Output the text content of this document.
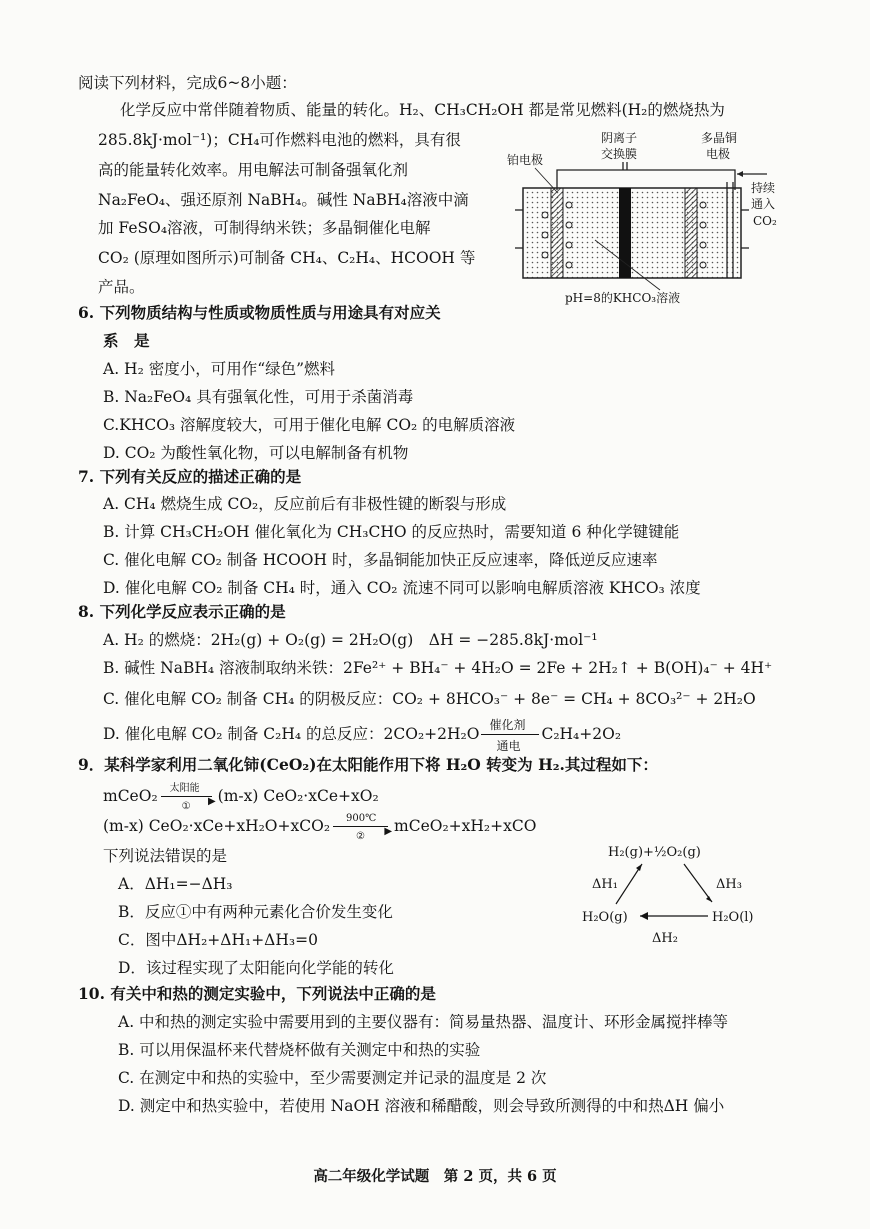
阅读下列材料，完成6~8小题：
化学反应中常伴随着物质、能量的转化。H₂、CH₃CH₂OH 都是常见燃料(H₂的燃烧热为
285.8kJ·mol⁻¹)；CH₄可作燃料电池的燃料，具有很
高的能量转化效率。用电解法可制备强氧化剂
Na₂FeO₄、强还原剂 NaBH₄。碱性 NaBH₄溶液中滴
加 FeSO₄溶液，可制得纳米铁；多晶铜催化电解
CO₂ (原理如图所示)可制备 CH₄、C₂H₄、HCOOH 等
产品。
铂电极
阴离子
交换膜
多晶铜
电极
持续
通入
CO₂
pH=8的KHCO₃溶液
6. 下列物质结构与性质或物质性质与用途具有对应关
系　是
A. H₂ 密度小，可用作“绿色”燃料
B. Na₂FeO₄ 具有强氧化性，可用于杀菌消毒
C.KHCO₃ 溶解度较大，可用于催化电解 CO₂ 的电解质溶液
D. CO₂ 为酸性氧化物，可以电解制备有机物
7. 下列有关反应的描述正确的是
A. CH₄ 燃烧生成 CO₂，反应前后有非极性键的断裂与形成
B. 计算 CH₃CH₂OH 催化氧化为 CH₃CHO 的反应热时，需要知道 6 种化学键键能
C. 催化电解 CO₂ 制备 HCOOH 时，多晶铜能加快正反应速率，降低逆反应速率
D. 催化电解 CO₂ 制备 CH₄ 时，通入 CO₂ 流速不同可以影响电解质溶液 KHCO₃ 浓度
8. 下列化学反应表示正确的是
A. H₂ 的燃烧：2H₂(g) + O₂(g) = 2H₂O(g)　ΔH = −285.8kJ·mol⁻¹
B. 碱性 NaBH₄ 溶液制取纳米铁：2Fe²⁺ + BH₄⁻ + 4H₂O = 2Fe + 2H₂↑ + B(OH)₄⁻ + 4H⁺
C. 催化电解 CO₂ 制备 CH₄ 的阴极反应：CO₂ + 8HCO₃⁻ + 8e⁻ = CH₄ + 8CO₃²⁻ + 2H₂O
D. 催化电解 CO₂ 制备 C₂H₄ 的总反应：2CO₂+2H₂O 催化剂
通电
C₂H₄+2O₂
9．某科学家利用二氧化铈(CeO₂)在太阳能作用下将 H₂O 转变为 H₂.其过程如下：
mCeO₂ 太阳能
▶
①
(m-x) CeO₂·xCe+xO₂
(m-x) CeO₂·xCe+xH₂O+xCO₂ 900℃
▶
②
mCeO₂+xH₂+xCO
下列说法错误的是
A．ΔH₁=−ΔH₃
B．反应①中有两种元素化合价发生变化
C．图中ΔH₂+ΔH₁+ΔH₃=0
D．该过程实现了太阳能向化学能的转化
H₂(g)+½O₂(g)
H₂O(g)	H₂O(l)
ΔH₁	ΔH₃
ΔH₂
10. 有关中和热的测定实验中，下列说法中正确的是
A. 中和热的测定实验中需要用到的主要仪器有：简易量热器、温度计、环形金属搅拌棒等
B. 可以用保温杯来代替烧杯做有关测定中和热的实验
C. 在测定中和热的实验中，至少需要测定并记录的温度是 2 次
D. 测定中和热实验中，若使用 NaOH 溶液和稀醋酸，则会导致所测得的中和热ΔH 偏小
高二年级化学试题　第 2 页，共 6 页
